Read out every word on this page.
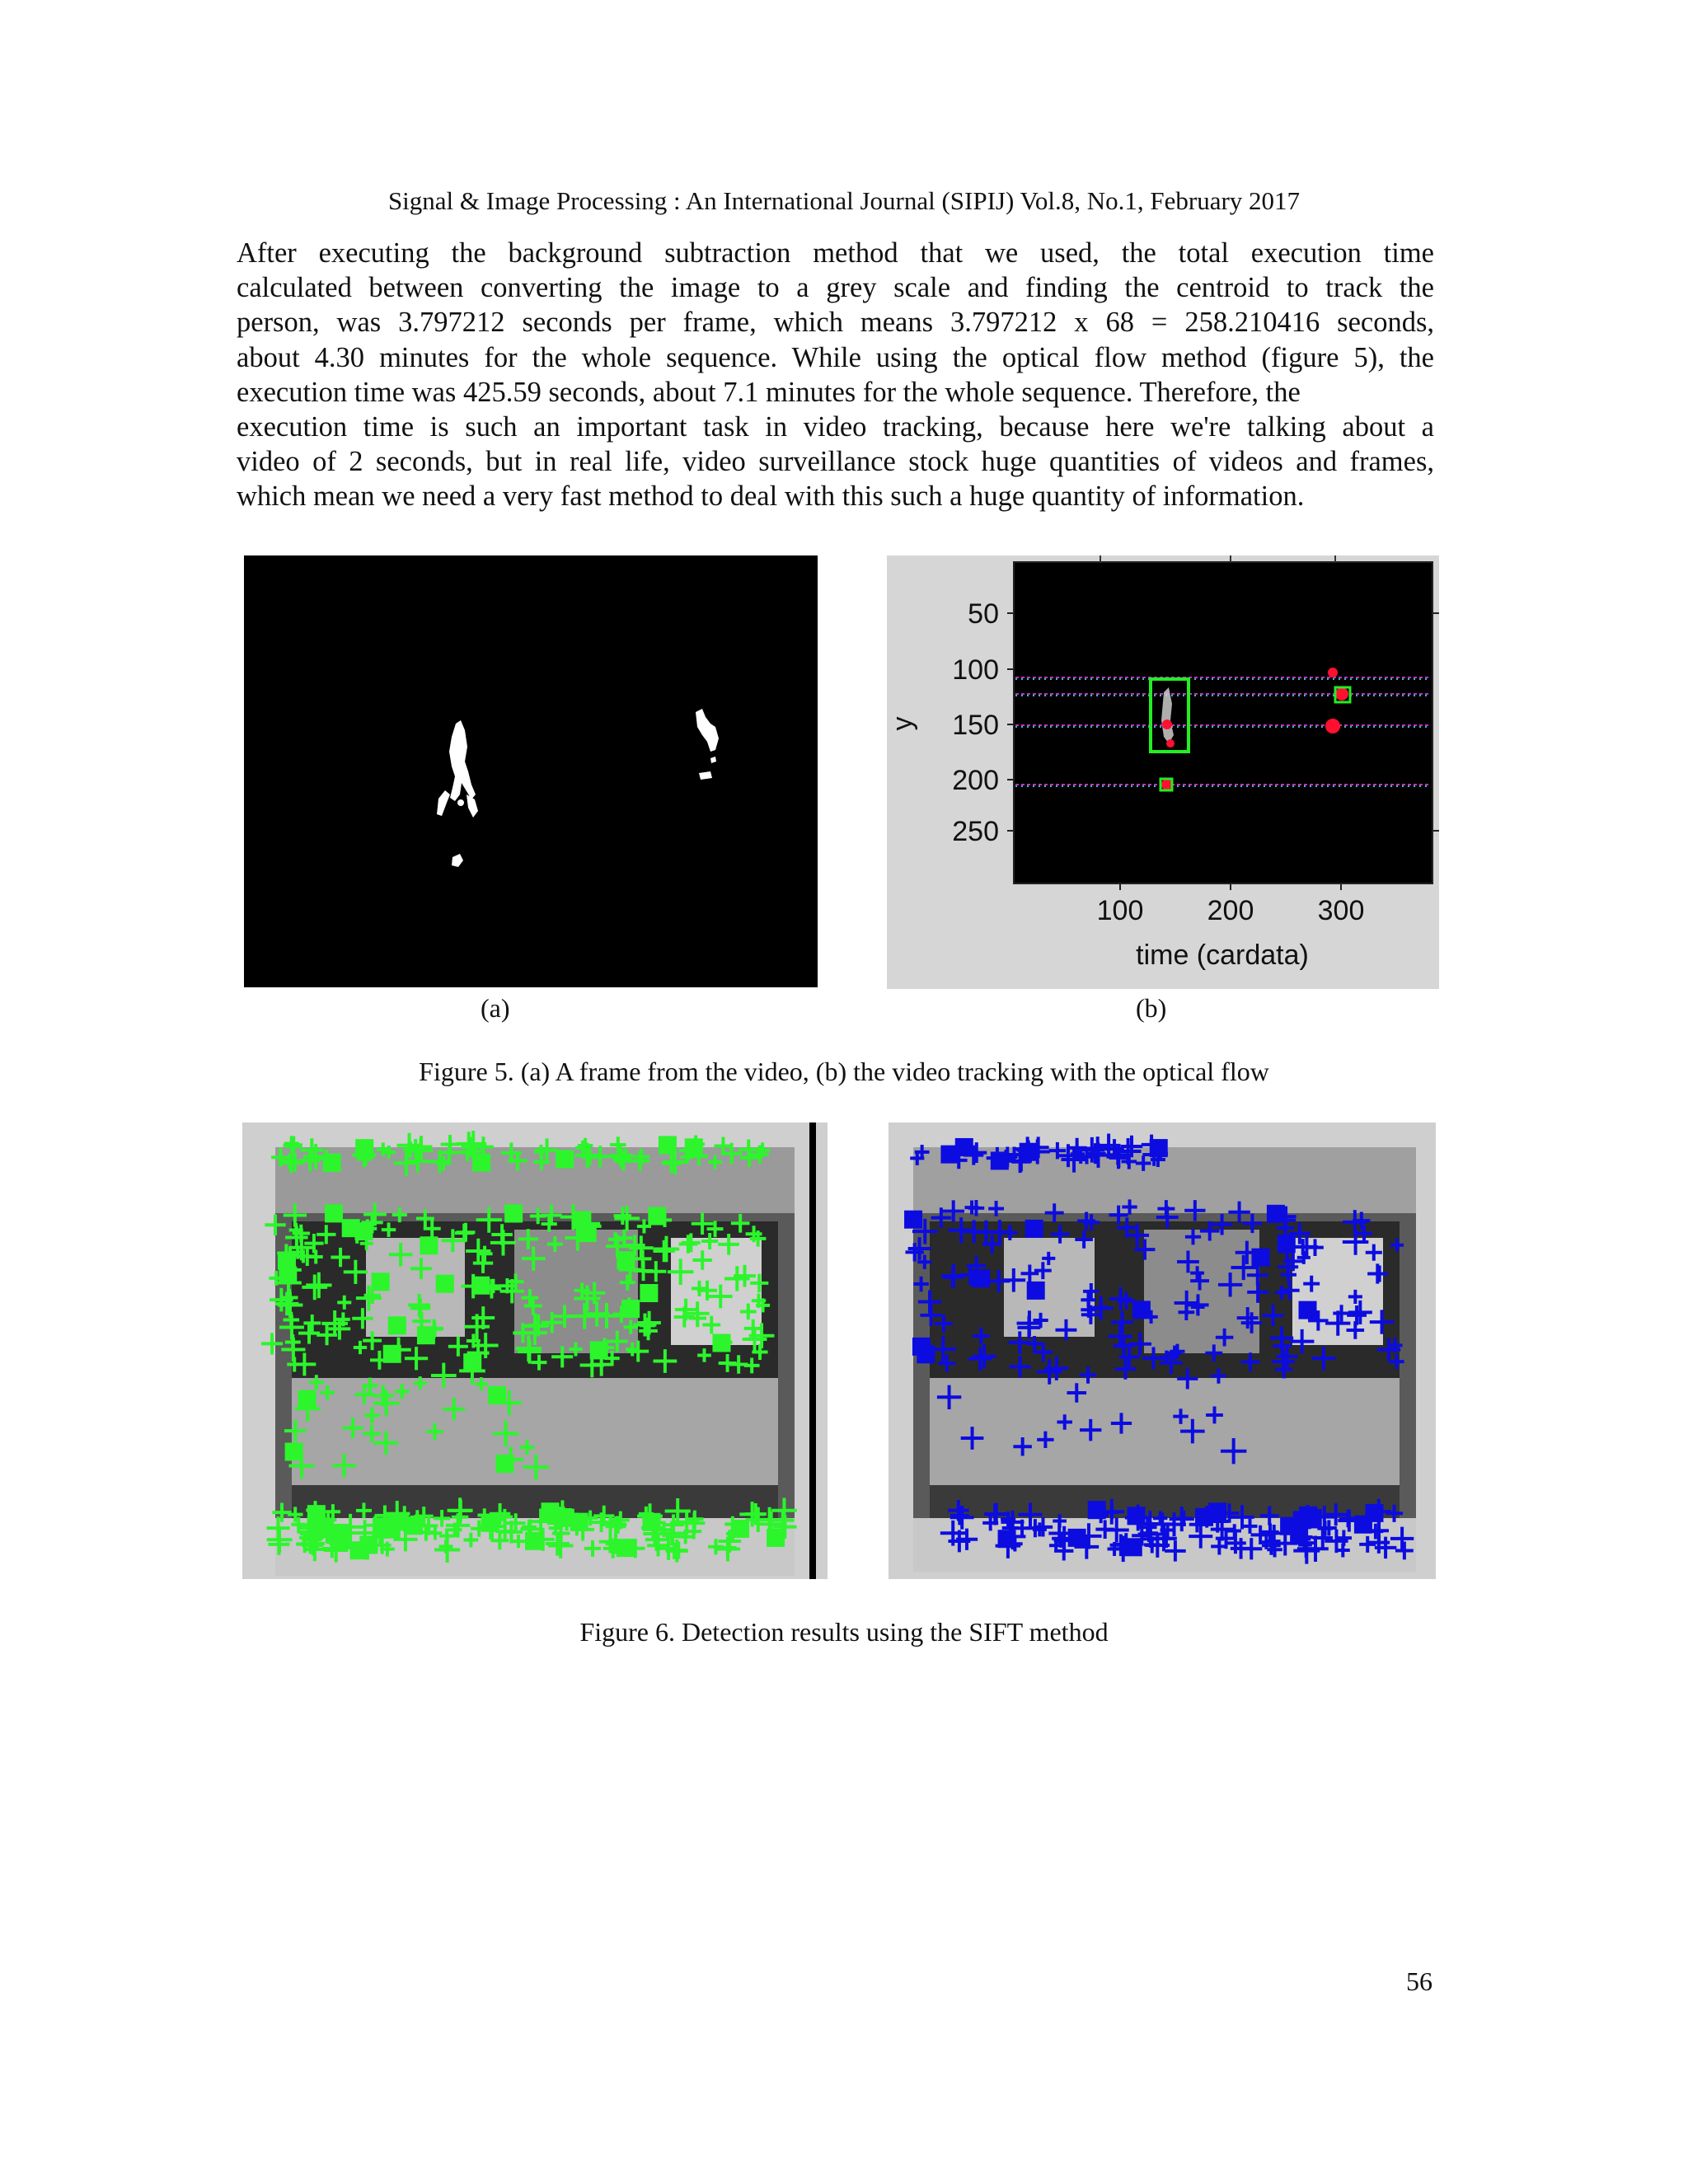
Signal & Image Processing : An International Journal (SIPIJ) Vol.8, No.1, February 2017
After executing the background subtraction method that we used, the total execution time
calculated between converting the image to a grey scale and finding the centroid to track the
person, was 3.797212 seconds per frame, which means 3.797212 x 68 = 258.210416 seconds,
about 4.30 minutes for the whole sequence. While using the optical flow method (figure 5), the
execution time was 425.59 seconds, about 7.1 minutes for the whole sequence. Therefore, the
execution time is such an important task in video tracking, because here we're talking about a
video of 2 seconds, but in real life, video surveillance stock huge quantities of videos and frames,
which mean we need a very fast method to deal with this such a huge quantity of information.
(a)
50
100
150
200
250
y
100 200 300
time (cardata)
(b)
Figure 5. (a) A frame from the video, (b) the video tracking with the optical flow
Figure 6. Detection results using the SIFT method
56
